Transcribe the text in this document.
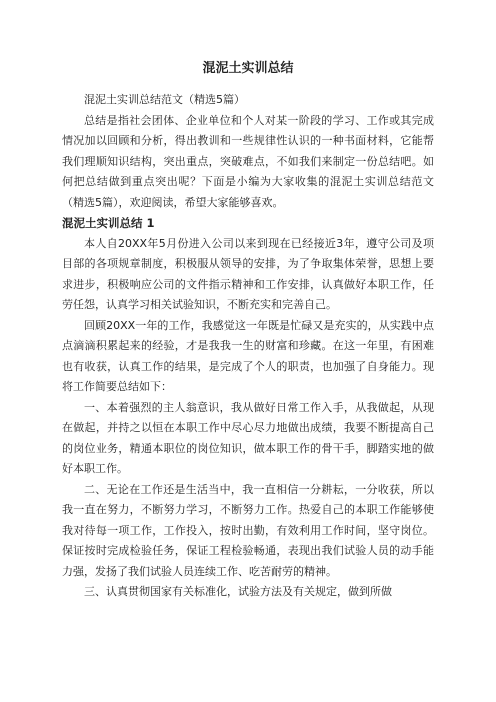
混泥土实训总结

混泥土实训总结范文（精选5篇）

总结是指社会团体、企业单位和个人对某一阶段的学习、工作或其完成情况加以回顾和分析，得出教训和一些规律性认识的一种书面材料，它能帮我们理顺知识结构，突出重点，突破难点，不如我们来制定一份总结吧。如何把总结做到重点突出呢？下面是小编为大家收集的混泥土实训总结范文（精选5篇），欢迎阅读，希望大家能够喜欢。

混泥土实训总结 1

本人自20XX年5月份进入公司以来到现在已经接近3年，遵守公司及项目部的各项规章制度，积极服从领导的安排，为了争取集体荣誉，思想上要求进步，积极响应公司的文件指示精神和工作安排，认真做好本职工作，任劳任怨，认真学习相关试验知识，不断充实和完善自己。

回顾20XX一年的工作，我感觉这一年既是忙碌又是充实的，从实践中点点滴滴积累起来的经验，才是我我一生的财富和珍藏。在这一年里，有困难也有收获，认真工作的结果，是完成了个人的职责，也加强了自身能力。现将工作简要总结如下：

一、本着强烈的主人翁意识，我从做好日常工作入手，从我做起，从现在做起，并持之以恒在本职工作中尽心尽力地做出成绩，我要不断提高自己的岗位业务，精通本职位的岗位知识，做本职工作的骨干手，脚踏实地的做好本职工作。

二、无论在工作还是生活当中，我一直相信一分耕耘，一分收获，所以我一直在努力，不断努力学习，不断努力工作。热爱自己的本职工作能够使我对待每一项工作，工作投入，按时出勤，有效利用工作时间，坚守岗位。保证按时完成检验任务，保证工程检验畅通，表现出我们试验人员的动手能力强，发扬了我们试验人员连续工作、吃苦耐劳的精神。

三、认真贯彻国家有关标准化，试验方法及有关规定，做到所做
